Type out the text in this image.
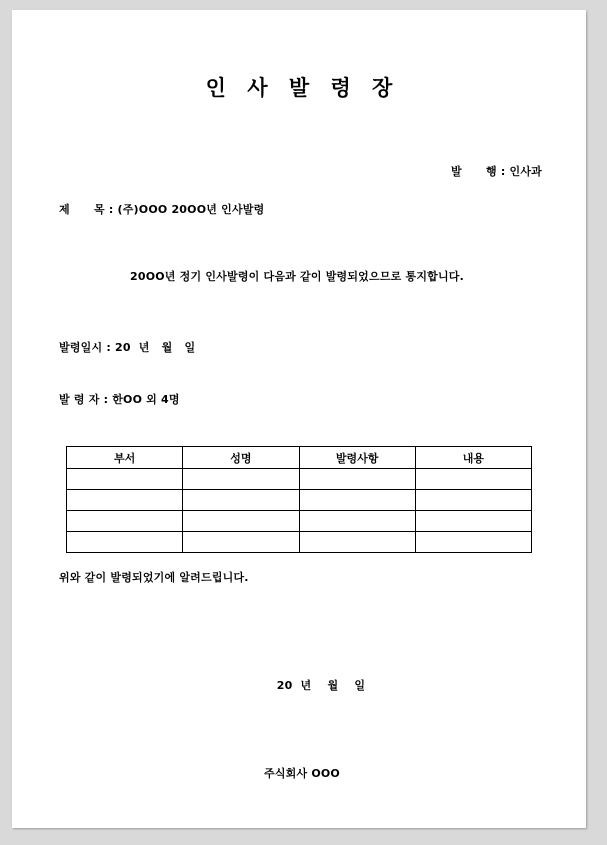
인 사 발 령 장
발      행 : 인사과
제      목 : (주)ООО 20ОО년 인사발령
20ОО년 정기 인사발령이 다음과 같이 발령되었으므로 통지합니다.
발령일시 : 20  년   월   일
발 령 자 : 한ОО 외 4명
부서	성명	발령사항	내용

위와 같이 발령되었기에 알려드립니다.
20  년    월    일
주식회사 ООО
